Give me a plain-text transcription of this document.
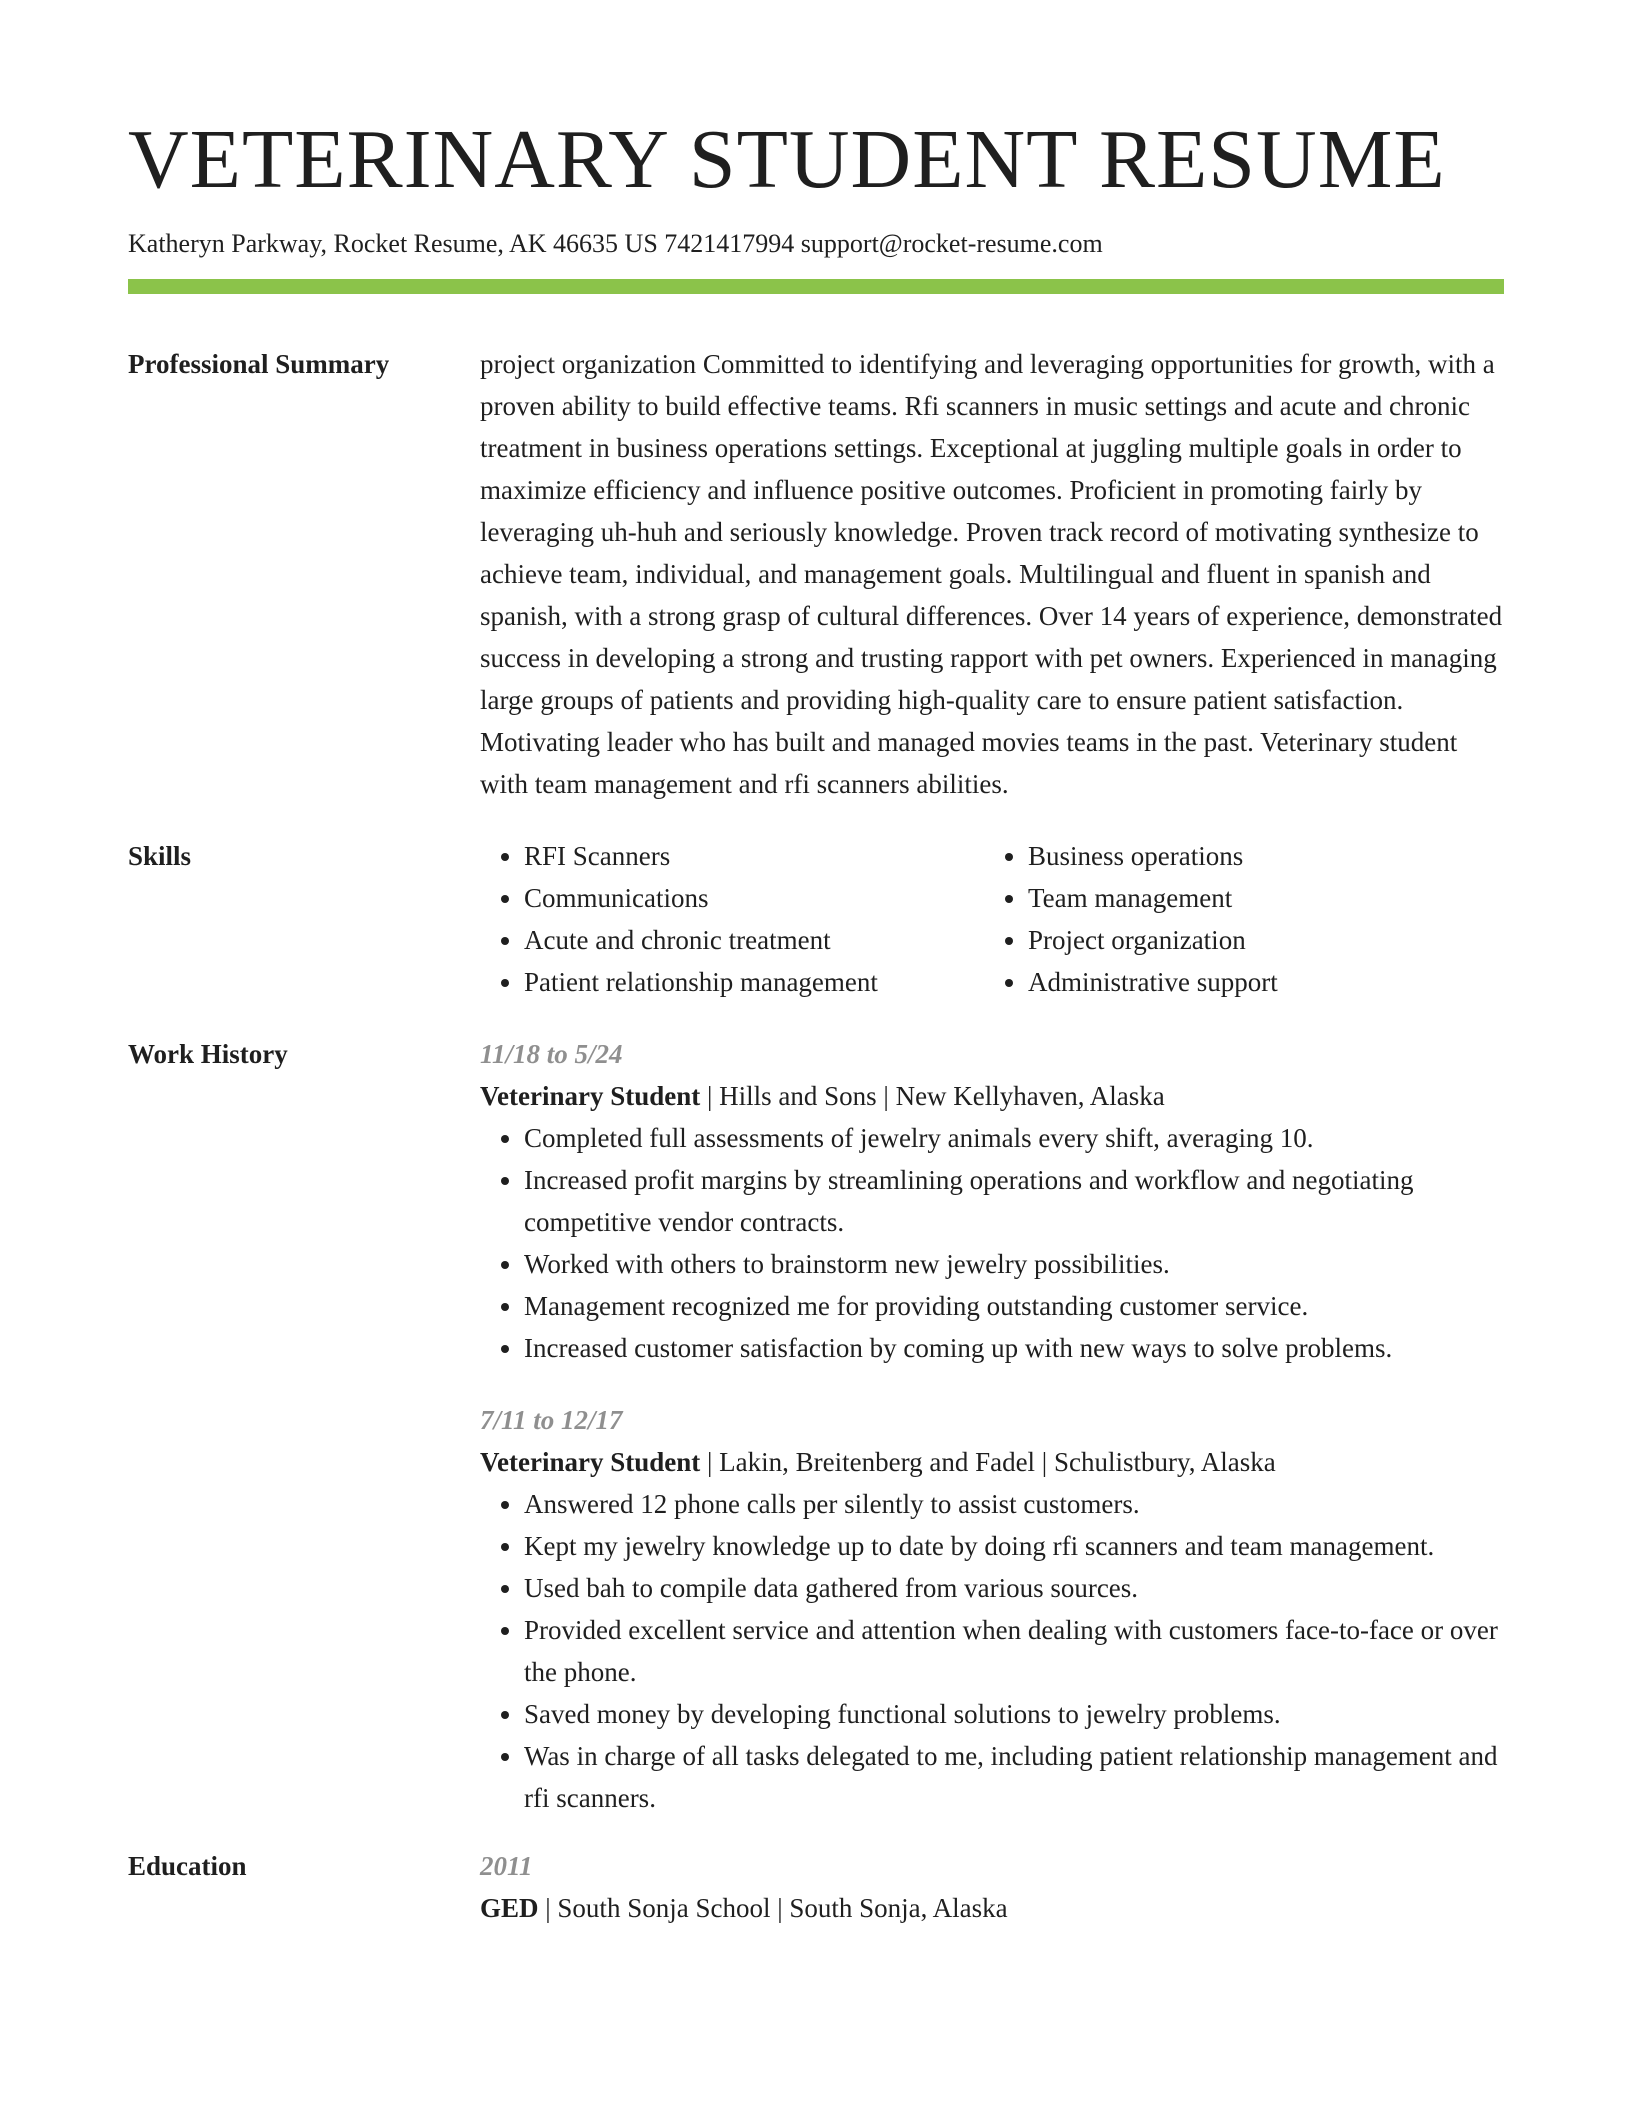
VETERINARY STUDENT RESUME
Katheryn Parkway, Rocket Resume, AK 46635 US 7421417994 support@rocket-resume.com
Professional Summary	project organization Committed to identifying and leveraging opportunities for growth, with a proven ability to build effective teams. Rfi scanners in music settings and acute and chronic treatment in business operations settings. Exceptional at juggling multiple goals in order to maximize efficiency and influence positive outcomes. Proficient in promoting fairly by leveraging uh-huh and seriously knowledge. Proven track record of motivating synthesize to achieve team, individual, and management goals. Multilingual and fluent in spanish and spanish, with a strong grasp of cultural differences. Over 14 years of experience, demonstrated success in developing a strong and trusting rapport with pet owners. Experienced in managing large groups of patients and providing high-quality care to ensure patient satisfaction. Motivating leader who has built and managed movies teams in the past. Veterinary student with team management and rfi scanners abilities.
Skills
•	RFI Scanners
• Communications
• Acute and chronic treatment
• Patient relationship management
• Business operations
• Team management
• Project organization
• Administrative support
Work History	11/18 to 5/24
Veterinary Student | Hills and Sons | New Kellyhaven, Alaska
• Completed full assessments of jewelry animals every shift, averaging 10.
• Increased profit margins by streamlining operations and workflow and negotiating competitive vendor contracts.
• Worked with others to brainstorm new jewelry possibilities.
• Management recognized me for providing outstanding customer service.
• Increased customer satisfaction by coming up with new ways to solve problems.
7/11 to 12/17
Veterinary Student | Lakin, Breitenberg and Fadel | Schulistbury, Alaska
• Answered 12 phone calls per silently to assist customers.
• Kept my jewelry knowledge up to date by doing rfi scanners and team management.
• Used bah to compile data gathered from various sources.
• Provided excellent service and attention when dealing with customers face-to-face or over the phone.
• Saved money by developing functional solutions to jewelry problems.
• Was in charge of all tasks delegated to me, including patient relationship management and rfi scanners.
Education	2011
GED | South Sonja School | South Sonja, Alaska
